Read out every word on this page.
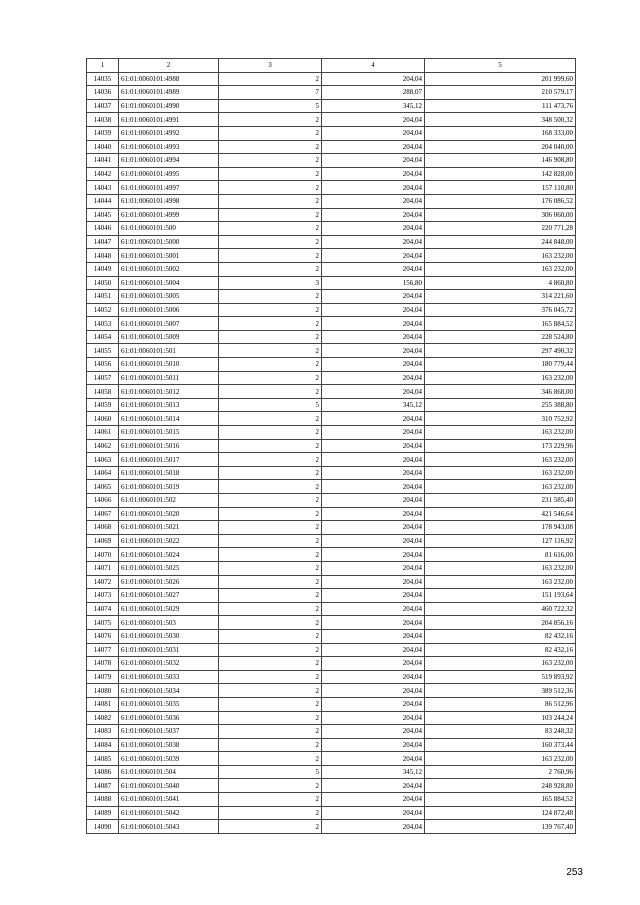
1	2	3	4	5
14035	61:01:0060101:4988	2	204,04	201 999,60
14036	61:01:0060101:4989	7	288,07	210 579,17
14037	61:01:0060101:4990	5	345,12	111 473,76
14038	61:01:0060101:4991	2	204,04	348 500,32
14039	61:01:0060101:4992	2	204,04	168 333,00
14040	61:01:0060101:4993	2	204,04	204 040,00
14041	61:01:0060101:4994	2	204,04	146 908,80
14042	61:01:0060101:4995	2	204,04	142 828,00
14043	61:01:0060101:4997	2	204,04	157 110,80
14044	61:01:0060101:4998	2	204,04	176 086,52
14045	61:01:0060101:4999	2	204,04	306 060,00
14046	61:01:0060101:500	2	204,04	220 771,28
14047	61:01:0060101:5000	2	204,04	244 848,00
14048	61:01:0060101:5001	2	204,04	163 232,00
14049	61:01:0060101:5002	2	204,04	163 232,00
14050	61:01:0060101:5004	3	156,80	4 860,80
14051	61:01:0060101:5005	2	204,04	314 221,60
14052	61:01:0060101:5006	2	204,04	376 045,72
14053	61:01:0060101:5007	2	204,04	165 884,52
14054	61:01:0060101:5009	2	204,04	228 524,80
14055	61:01:0060101:501	2	204,04	297 490,32
14056	61:01:0060101:5010	2	204,04	180 779,44
14057	61:01:0060101:5011	2	204,04	163 232,00
14058	61:01:0060101:5012	2	204,04	346 868,00
14059	61:01:0060101:5013	5	345,12	255 388,80
14060	61:01:0060101:5014	2	204,04	310 752,92
14061	61:01:0060101:5015	2	204,04	163 232,00
14062	61:01:0060101:5016	2	204,04	173 229,96
14063	61:01:0060101:5017	2	204,04	163 232,00
14064	61:01:0060101:5018	2	204,04	163 232,00
14065	61:01:0060101:5019	2	204,04	163 232,00
14066	61:01:0060101:502	2	204,04	231 585,40
14067	61:01:0060101:5020	2	204,04	421 546,64
14068	61:01:0060101:5021	2	204,04	178 943,08
14069	61:01:0060101:5022	2	204,04	127 116,92
14070	61:01:0060101:5024	2	204,04	81 616,00
14071	61:01:0060101:5025	2	204,04	163 232,00
14072	61:01:0060101:5026	2	204,04	163 232,00
14073	61:01:0060101:5027	2	204,04	151 193,64
14074	61:01:0060101:5029	2	204,04	460 722,32
14075	61:01:0060101:503	2	204,04	204 856,16
14076	61:01:0060101:5030	2	204,04	82 432,16
14077	61:01:0060101:5031	2	204,04	82 432,16
14078	61:01:0060101:5032	2	204,04	163 232,00
14079	61:01:0060101:5033	2	204,04	519 893,92
14080	61:01:0060101:5034	2	204,04	389 512,36
14081	61:01:0060101:5035	2	204,04	86 512,96
14082	61:01:0060101:5036	2	204,04	103 244,24
14083	61:01:0060101:5037	2	204,04	83 248,32
14084	61:01:0060101:5038	2	204,04	160 373,44
14085	61:01:0060101:5039	2	204,04	163 232,00
14086	61:01:0060101:504	5	345,12	2 760,96
14087	61:01:0060101:5040	2	204,04	248 928,80
14088	61:01:0060101:5041	2	204,04	165 884,52
14089	61:01:0060101:5042	2	204,04	124 872,48
14090	61:01:0060101:5043	2	204,04	139 767,40
253
